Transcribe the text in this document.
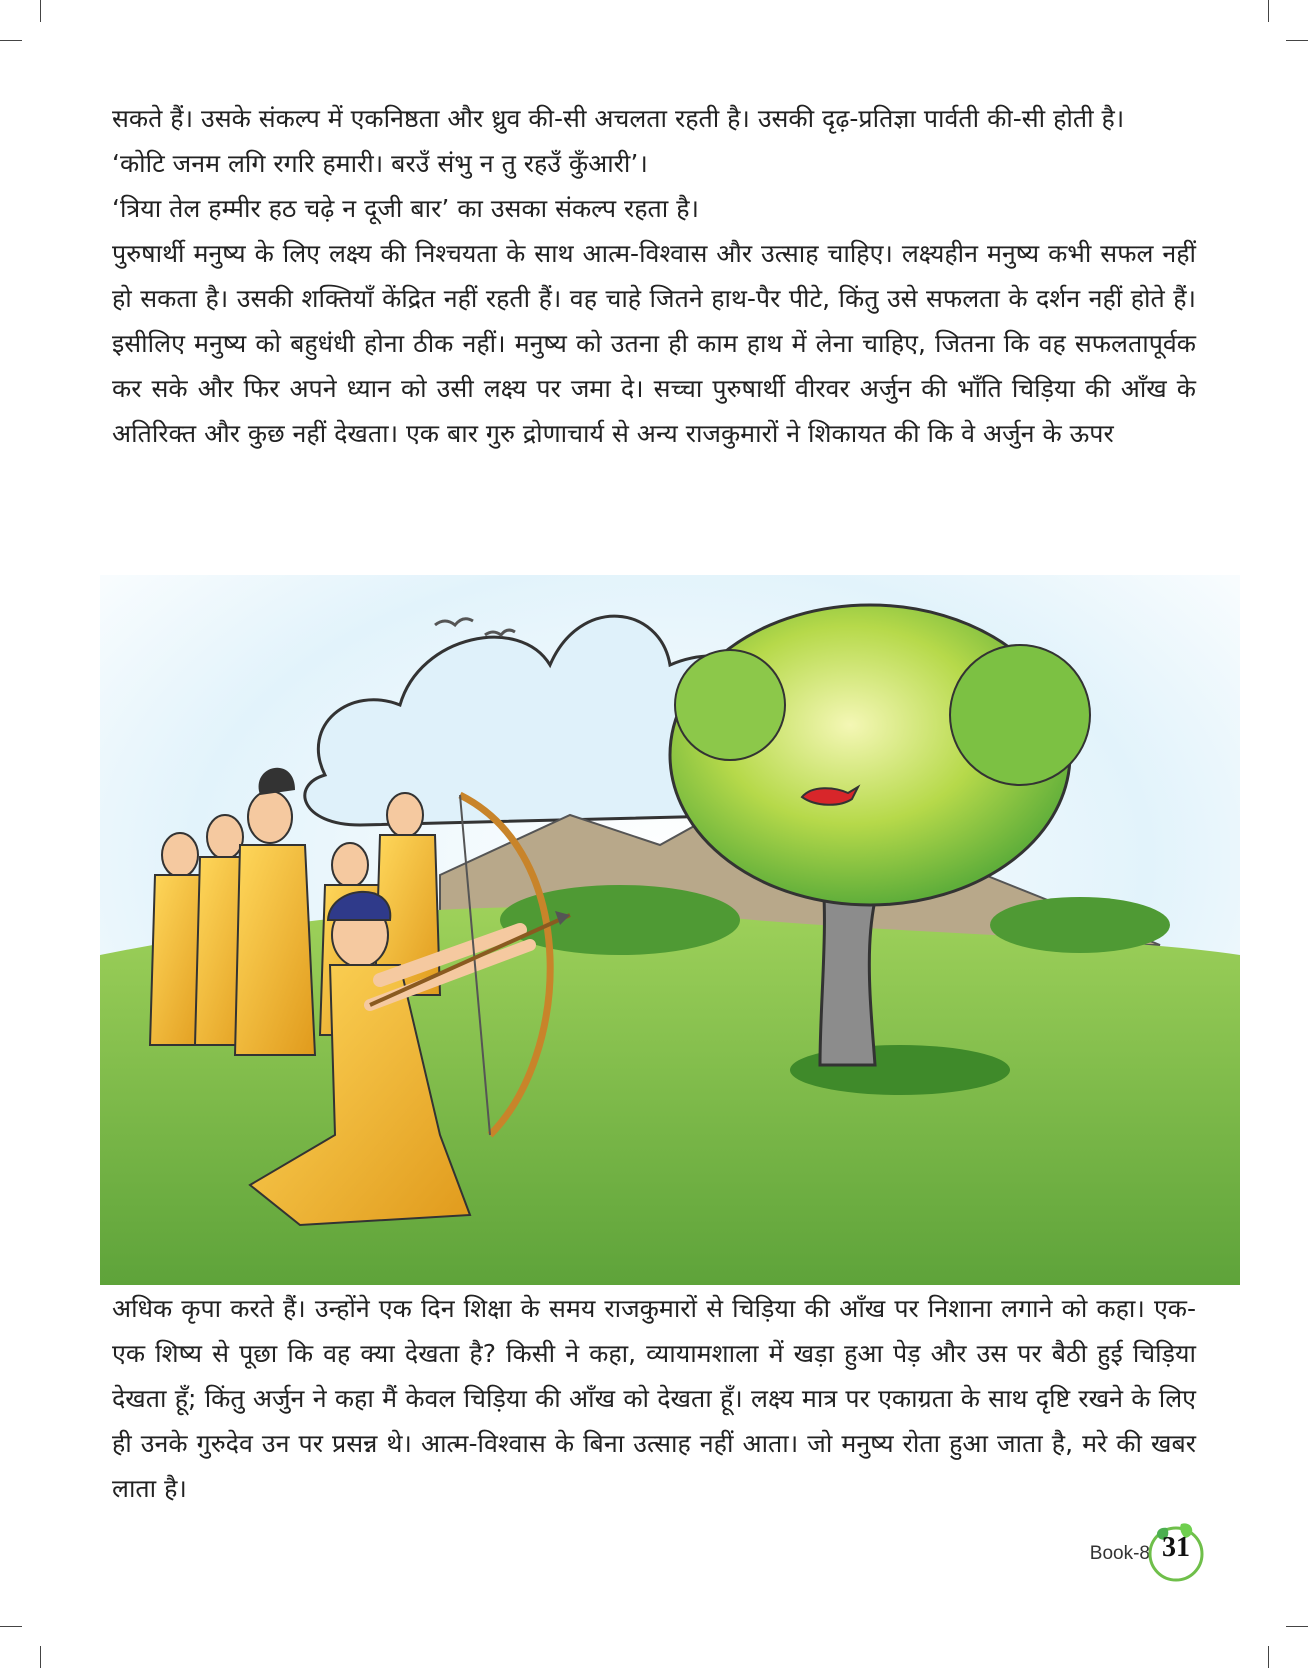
सकते हैं। उसके संकल्प में एकनिष्ठता और ध्रुव की-सी अचलता रहती है। उसकी दृढ़-प्रतिज्ञा पार्वती की-सी होती है।

‘कोटि जनम लगि रगरि हमारी। बरउँ संभु न तु रहउँ कुँआरी’।

‘त्रिया तेल हम्मीर हठ चढ़े न दूजी बार’ का उसका संकल्प रहता है।

पुरुषार्थी मनुष्य के लिए लक्ष्य की निश्चयता के साथ आत्म-विश्वास और उत्साह चाहिए। लक्ष्यहीन मनुष्य कभी सफल नहीं हो सकता है। उसकी शक्तियाँ केंद्रित नहीं रहती हैं। वह चाहे जितने हाथ-पैर पीटे, किंतु उसे सफलता के दर्शन नहीं होते हैं। इसीलिए मनुष्य को बहुधंधी होना ठीक नहीं। मनुष्य को उतना ही काम हाथ में लेना चाहिए, जितना कि वह सफलतापूर्वक कर सके और फिर अपने ध्यान को उसी लक्ष्य पर जमा दे। सच्चा पुरुषार्थी वीरवर अर्जुन की भाँति चिड़िया की आँख के अतिरिक्त और कुछ नहीं देखता। एक बार गुरु द्रोणाचार्य से अन्य राजकुमारों ने शिकायत की कि वे अर्जुन के ऊपर

अधिक कृपा करते हैं। उन्होंने एक दिन शिक्षा के समय राजकुमारों से चिड़िया की आँख पर निशाना लगाने को कहा। एक-एक शिष्य से पूछा कि वह क्या देखता है? किसी ने कहा, व्यायामशाला में खड़ा हुआ पेड़ और उस पर बैठी हुई चिड़िया देखता हूँ; किंतु अर्जुन ने कहा मैं केवल चिड़िया की आँख को देखता हूँ। लक्ष्य मात्र पर एकाग्रता के साथ दृष्टि रखने के लिए ही उनके गुरुदेव उन पर प्रसन्न थे। आत्म-विश्वास के बिना उत्साह नहीं आता। जो मनुष्य रोता हुआ जाता है, मरे की खबर लाता है।

Book-8 31
